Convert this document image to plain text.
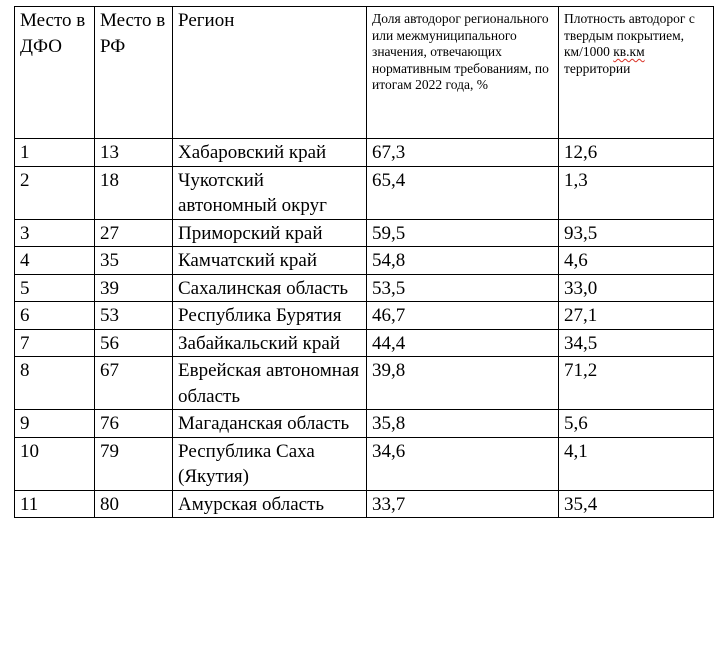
Место в ДФО	Место в РФ	Регион	Доля автодорог регионального или межмуниципального значения, отвечающих нормативным требованиям, по итогам 2022 года, %	Плотность автодорог с твердым покрытием, км/1000 кв.км территории
1	13	Хабаровский край	67,3	12,6
2	18	Чукотский автономный округ	65,4	1,3
3	27	Приморский край	59,5	93,5
4	35	Камчатский край	54,8	4,6
5	39	Сахалинская область	53,5	33,0
6	53	Республика Бурятия	46,7	27,1
7	56	Забайкальский край	44,4	34,5
8	67	Еврейская автономная область	39,8	71,2
9	76	Магаданская область	35,8	5,6
10	79	Республика Саха (Якутия)	34,6	4,1
11	80	Амурская область	33,7	35,4
